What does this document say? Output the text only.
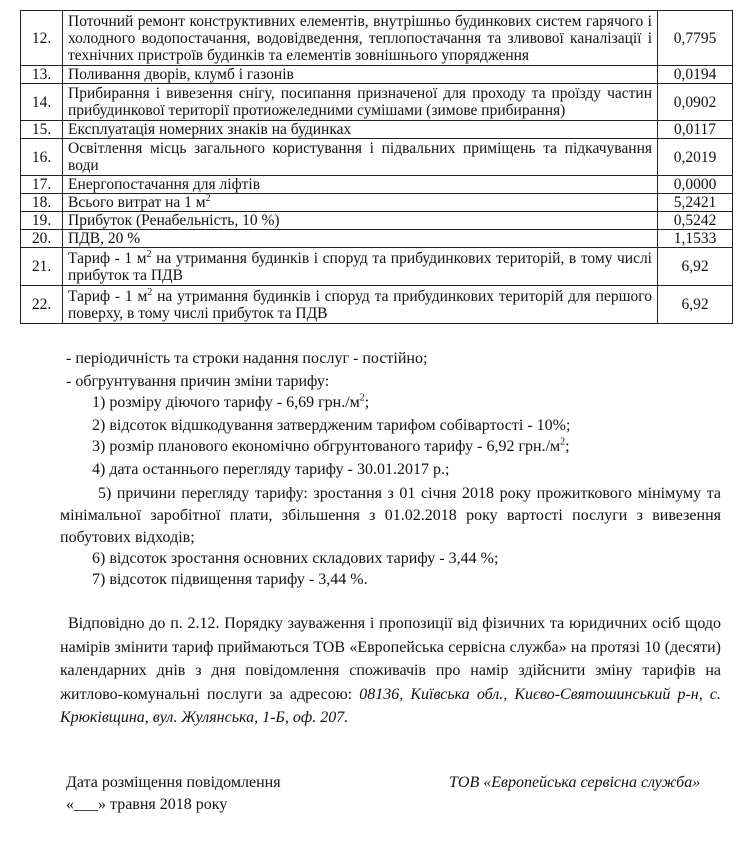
12.	Поточний ремонт конструктивних елементів, внутрішньо будинкових систем гарячого і холодного водопостачання, водовідведення, теплопостачання та зливової каналізації і технічних пристроїв будинків та елементів зовнішнього упорядження	0,7795
13.	Поливання дворів, клумб і газонів	0,0194
14.	Прибирання і вивезення снігу, посипання призначеної для проходу та проїзду частин прибудинкової території протиожеледними сумішами (зимове прибирання)	0,0902
15.	Експлуатація номерних знаків на будинках	0,0117
16.	Освітлення місць загального користування і підвальних приміщень та підкачування води	0,2019
17.	Енергопостачання для ліфтів	0,0000
18.	Всього витрат на 1 $м^2$	5,2421
19.	Прибуток (Ренабельність, 10 %)	0,5242
20.	ПДВ, 20 %	1,1533
21.	Тариф - 1 $м^2$ на утримання будинків і споруд та прибудинкових територій, в тому числі прибуток та ПДВ	6,92
22.	Тариф - 1 $м^2$ на утримання будинків і споруд та прибудинкових територій для першого поверху, в тому числі прибуток та ПДВ	6,92
- періодичність та строки надання послуг - постійно;
- обгрунтування причин зміни тарифу:
1) розміру діючого тарифу - 6,69 $грн./м^2$;
2) відсоток відшкодування затвердженим тарифом собівартості - 10%;
3) розмір планового економічно обгрунтованого тарифу - 6,92 $грн./м^2$;
4) дата останнього перегляду тарифу - 30.01.2017 р.;
5) причини перегляду тарифу: зростання з 01 січня 2018 року прожиткового мінімуму та мінімальної заробітної плати, збільшення з 01.02.2018 року вартості послуги з вивезення побутових відходів;
6) відсоток зростання основних складових тарифу - 3,44 %;
7) відсоток підвищення тарифу - 3,44 %.
Відповідно до п. 2.12. Порядку зауваження і пропозиції від фізичних та юридичних осіб щодо намірів змінити тариф приймаються ТОВ «Европейська сервісна служба» на протязі 10 (десяти) календарних днів з дня повідомлення споживачів про намір здійснити зміну тарифів на житлово-комунальні послуги за адресою: 08136, Київська обл., Києво-Святошинський р-н, с. Крюківщина, вул. Жулянська, 1-Б, оф. 207.
Дата розміщення повідомлення
«___» травня 2018 року
ТОВ «Европейська сервісна служба»
